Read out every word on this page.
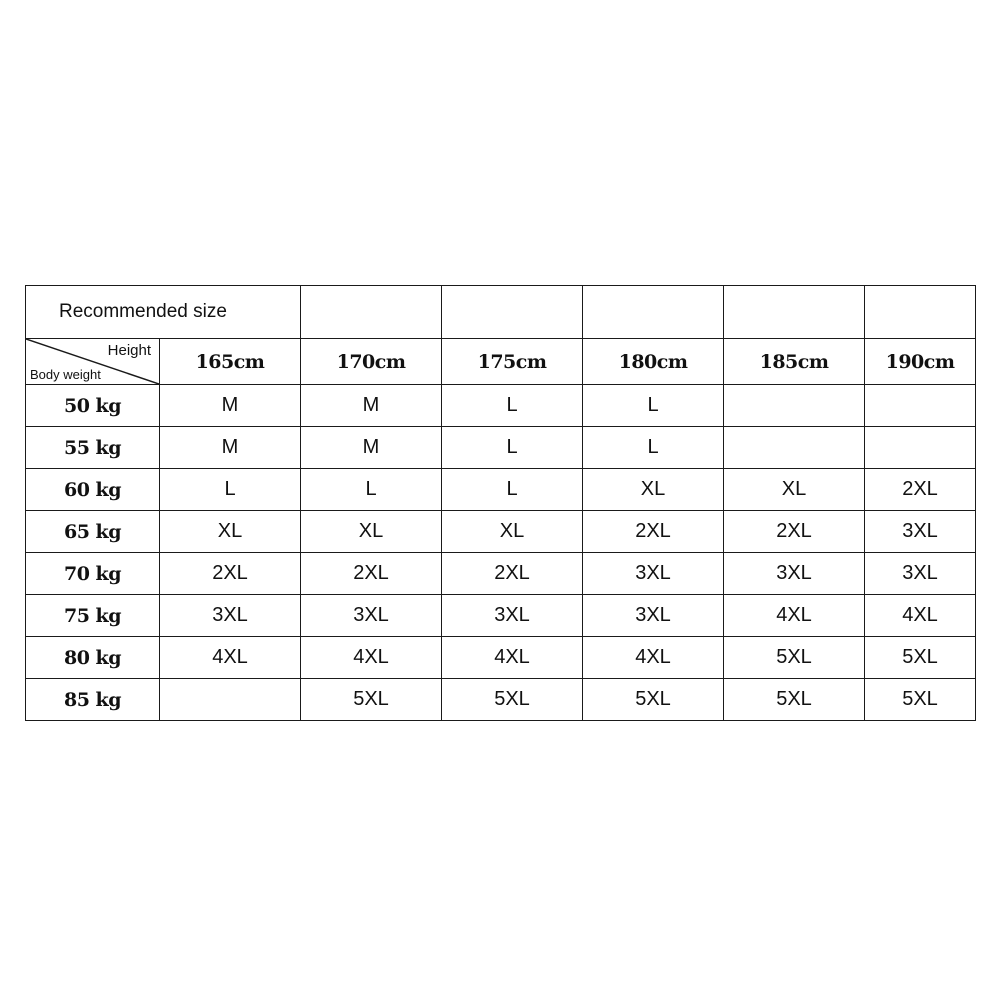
Recommended size						

Height
Body weight	165cm	170cm	175cm	180cm	185cm	190cm
50 kg	M	M	L	L		
55 kg	M	M	L	L		
60 kg	L	L	L	XL	XL	2XL
65 kg	XL	XL	XL	2XL	2XL	3XL
70 kg	2XL	2XL	2XL	3XL	3XL	3XL
75 kg	3XL	3XL	3XL	3XL	4XL	4XL
80 kg	4XL	4XL	4XL	4XL	5XL	5XL
85 kg		5XL	5XL	5XL	5XL	5XL
